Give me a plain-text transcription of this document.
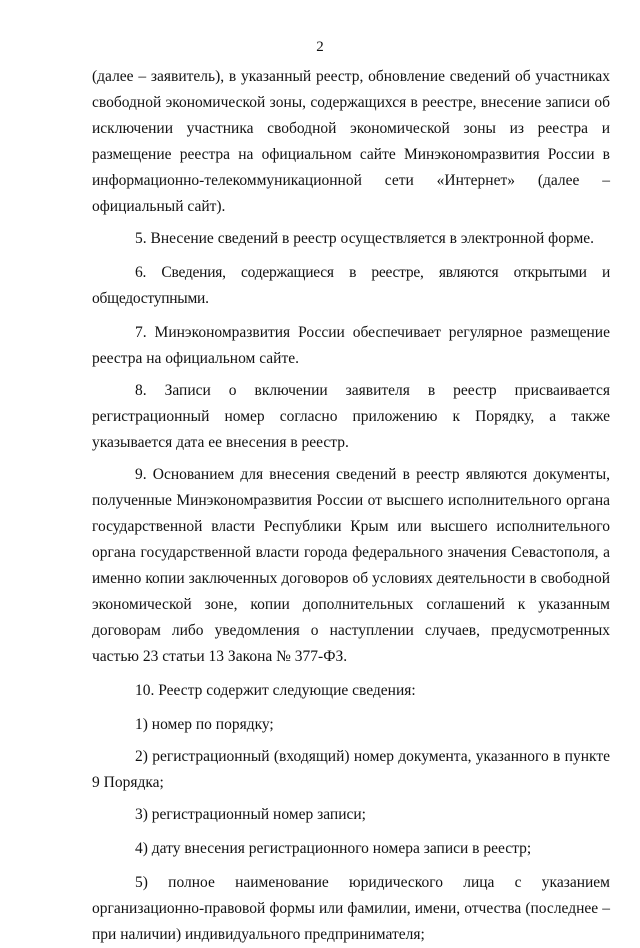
2

(далее – заявитель), в указанный реестр, обновление сведений об участниках свободной экономической зоны, содержащихся в реестре, внесение записи об исключении участника свободной экономической зоны из реестра и размещение реестра на официальном сайте Минэкономразвития России в информационно-телекоммуникационной сети «Интернет» (далее – официальный сайт).

5. Внесение сведений в реестр осуществляется в электронной форме.

6. Сведения, содержащиеся в реестре, являются открытыми и общедоступными.

7. Минэкономразвития России обеспечивает регулярное размещение реестра на официальном сайте.

8. Записи о включении заявителя в реестр присваивается регистрационный номер согласно приложению к Порядку, а также указывается дата ее внесения в реестр.

9. Основанием для внесения сведений в реестр являются документы, полученные Минэкономразвития России от высшего исполнительного органа государственной власти Республики Крым или высшего исполнительного органа государственной власти города федерального значения Севастополя, а именно копии заключенных договоров об условиях деятельности в свободной экономической зоне, копии дополнительных соглашений к указанным договорам либо уведомления о наступлении случаев, предусмотренных частью 23 статьи 13 Закона № 377-ФЗ.

10. Реестр содержит следующие сведения:

1) номер по порядку;

2) регистрационный (входящий) номер документа, указанного в пункте 9 Порядка;

3) регистрационный номер записи;

4) дату внесения регистрационного номера записи в реестр;

5) полное наименование юридического лица с указанием организационно-правовой формы или фамилии, имени, отчества (последнее – при наличии) индивидуального предпринимателя;
